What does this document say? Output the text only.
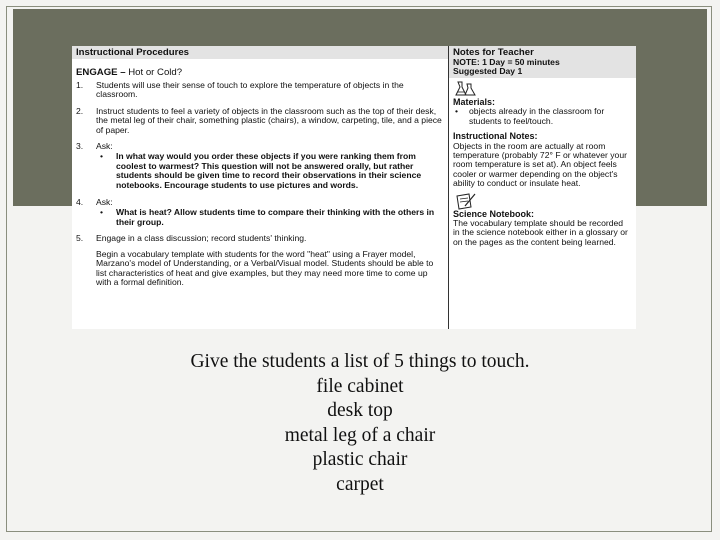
Instructional Procedures
ENGAGE – Hot or Cold?
1.	Students will use their sense of touch to explore the temperature of objects in the classroom.
2.	Instruct students to feel a variety of objects in the classroom such as the top of their desk, the metal leg of their chair, something plastic (chairs), a window, carpeting, tile, and a piece of paper.
3.	Ask:
•	In what way would you order these objects if you were ranking them from coolest to warmest? This question will not be answered orally, but rather students should be given time to record their observations in their science notebooks. Encourage students to use pictures and words.
4.	Ask:
•	What is heat? Allow students time to compare their thinking with the others in their group.
5.	Engage in a class discussion; record students' thinking.
Begin a vocabulary template with students for the word "heat" using a Frayer model, Marzano's model of Understanding, or a Verbal/Visual model. Students should be able to list characteristics of heat and give examples, but they may need more time to come up with a formal definition.
Notes for Teacher
NOTE: 1 Day = 50 minutes
Suggested Day 1
Materials:
•	objects already in the classroom for students to feel/touch.
Instructional Notes:
Objects in the room are actually at room temperature (probably 72° F or whatever your room temperature is set at). An object feels cooler or warmer depending on the object's ability to conduct or insulate heat.
Science Notebook:
The vocabulary template should be recorded in the science notebook either in a glossary or on the pages as the content being learned.
Give the students a list of 5 things to touch.
file cabinet
desk top
metal leg of a chair
plastic chair
carpet
